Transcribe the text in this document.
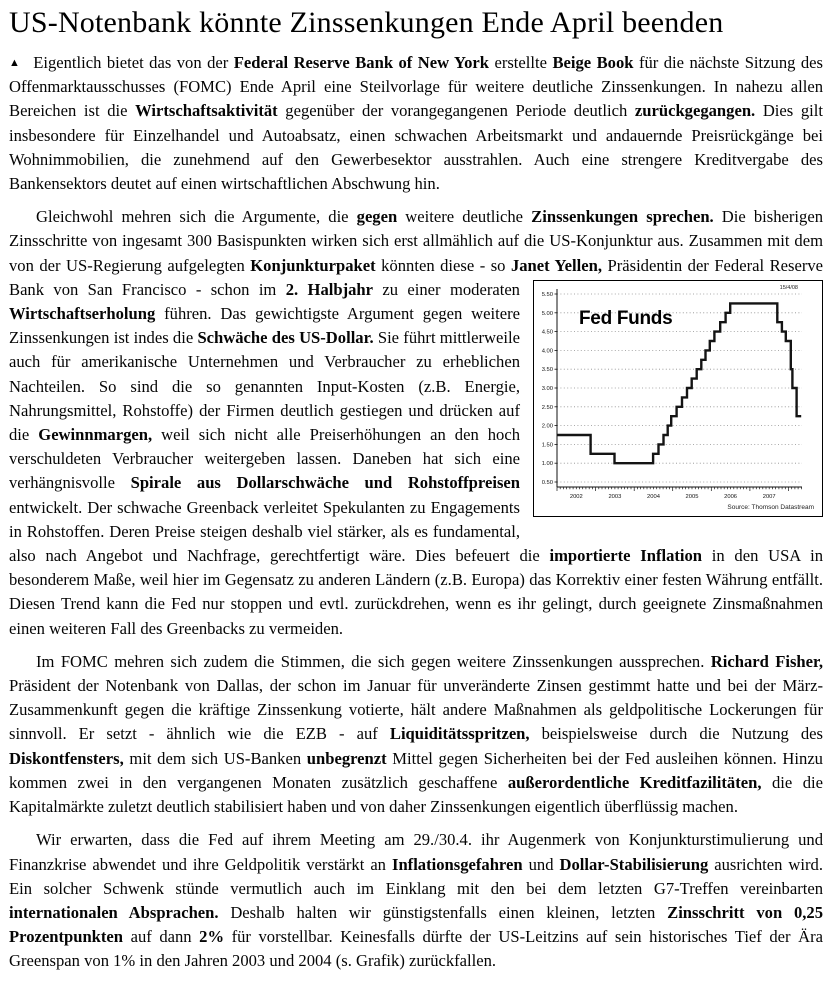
US-Notenbank könnte Zinssenkungen Ende April beenden

▲ Eigentlich bietet das von der Federal Reserve Bank of New York erstellte Beige Book für die nächste Sitzung des Offenmarktausschusses (FOMC) Ende April eine Steilvorlage für weitere deutliche Zinssenkungen. In nahezu allen Bereichen ist die Wirtschaftsaktivität gegenüber der vorangegangenen Periode deutlich zurückgegangen. Dies gilt insbesondere für Einzelhandel und Autoabsatz, einen schwachen Arbeitsmarkt und andauernde Preisrückgänge bei Wohnimmobilien, die zunehmend auf den Gewerbesektor ausstrahlen. Auch eine strengere Kreditvergabe des Bankensektors deutet auf einen wirtschaftlichen Abschwung hin.

Gleichwohl mehren sich die Argumente, die gegen weitere deutliche Zinssenkungen sprechen. Die bisherigen Zinsschritte von ingesamt 300 Basispunkten wirken sich erst allmählich auf die US-Konjunktur aus. Zusammen mit dem von der US-Regierung aufgelegten Konjunkturpaket könnten diese - so Janet Yellen, Präsidentin der Federal
0.50
1.00
1.50
2.00
2.50
3.00
3.50
4.00
4.50
5.00
5.50
2002	2003	2004	2005	2006	2007
Fed Funds
15/4/08
Source: Thomson Datastream
Reserve Bank von San Francisco - schon im 2. Halbjahr zu einer moderaten Wirtschaftserholung führen. Das gewichtigste Argument gegen weitere Zinssenkungen ist indes die Schwäche des US-Dollar. Sie führt mittlerweile auch für amerikanische Unternehmen und Verbraucher zu erheblichen Nachteilen. So sind die so genannten Input-Kosten (z.B. Energie, Nahrungsmittel, Rohstoffe) der Firmen deutlich gestiegen und drücken auf die Gewinnmargen, weil sich nicht alle Preiserhöhungen an den hoch verschuldeten Verbraucher weitergeben lassen. Daneben hat sich eine verhängnisvolle Spirale aus Dollarschwäche und Rohstoffpreisen entwickelt. Der schwache Greenback verleitet Spekulanten zu Engagements in Rohstoffen. Deren Preise steigen deshalb viel stärker, als es fundamental, also nach Angebot und Nachfrage, gerechtfertigt wäre. Dies befeuert die importierte Inflation in den USA in besonderem Maße, weil hier im Gegensatz zu anderen Ländern (z.B. Europa) das Korrektiv einer festen Währung entfällt. Diesen Trend kann die Fed nur stoppen und evtl. zurückdrehen, wenn es ihr gelingt, durch geeignete Zinsmaßnahmen einen weiteren Fall des Greenbacks zu vermeiden.

Im FOMC mehren sich zudem die Stimmen, die sich gegen weitere Zinssenkungen aussprechen. Richard Fisher, Präsident der Notenbank von Dallas, der schon im Januar für unveränderte Zinsen gestimmt hatte und bei der März-Zusammenkunft gegen die kräftige Zinssenkung votierte, hält andere Maßnahmen als geldpolitische Lockerungen für sinnvoll. Er setzt - ähnlich wie die EZB - auf Liquiditätsspritzen, beispielsweise durch die Nutzung des Diskontfensters, mit dem sich US-Banken unbegrenzt Mittel gegen Sicherheiten bei der Fed ausleihen können. Hinzu kommen zwei in den vergangenen Monaten zusätzlich geschaffene außerordentliche Kreditfazilitäten, die die Kapitalmärkte zuletzt deutlich stabilisiert haben und von daher Zinssenkungen eigentlich überflüssig machen.

Wir erwarten, dass die Fed auf ihrem Meeting am 29./30.4. ihr Augenmerk von Konjunkturstimulierung und Finanzkrise abwendet und ihre Geldpolitik verstärkt an Inflationsgefahren und Dollar-Stabilisierung ausrichten wird. Ein solcher Schwenk stünde vermutlich auch im Einklang mit den bei dem letzten G7-Treffen vereinbarten internationalen Absprachen. Deshalb halten wir günstigstenfalls einen kleinen, letzten Zinsschritt von 0,25 Prozentpunkten auf dann 2% für vorstellbar. Keinesfalls dürfte der US-Leitzins auf sein historisches Tief der Ära Greenspan von 1% in den Jahren 2003 und 2004 (s. Grafik) zurückfallen.
